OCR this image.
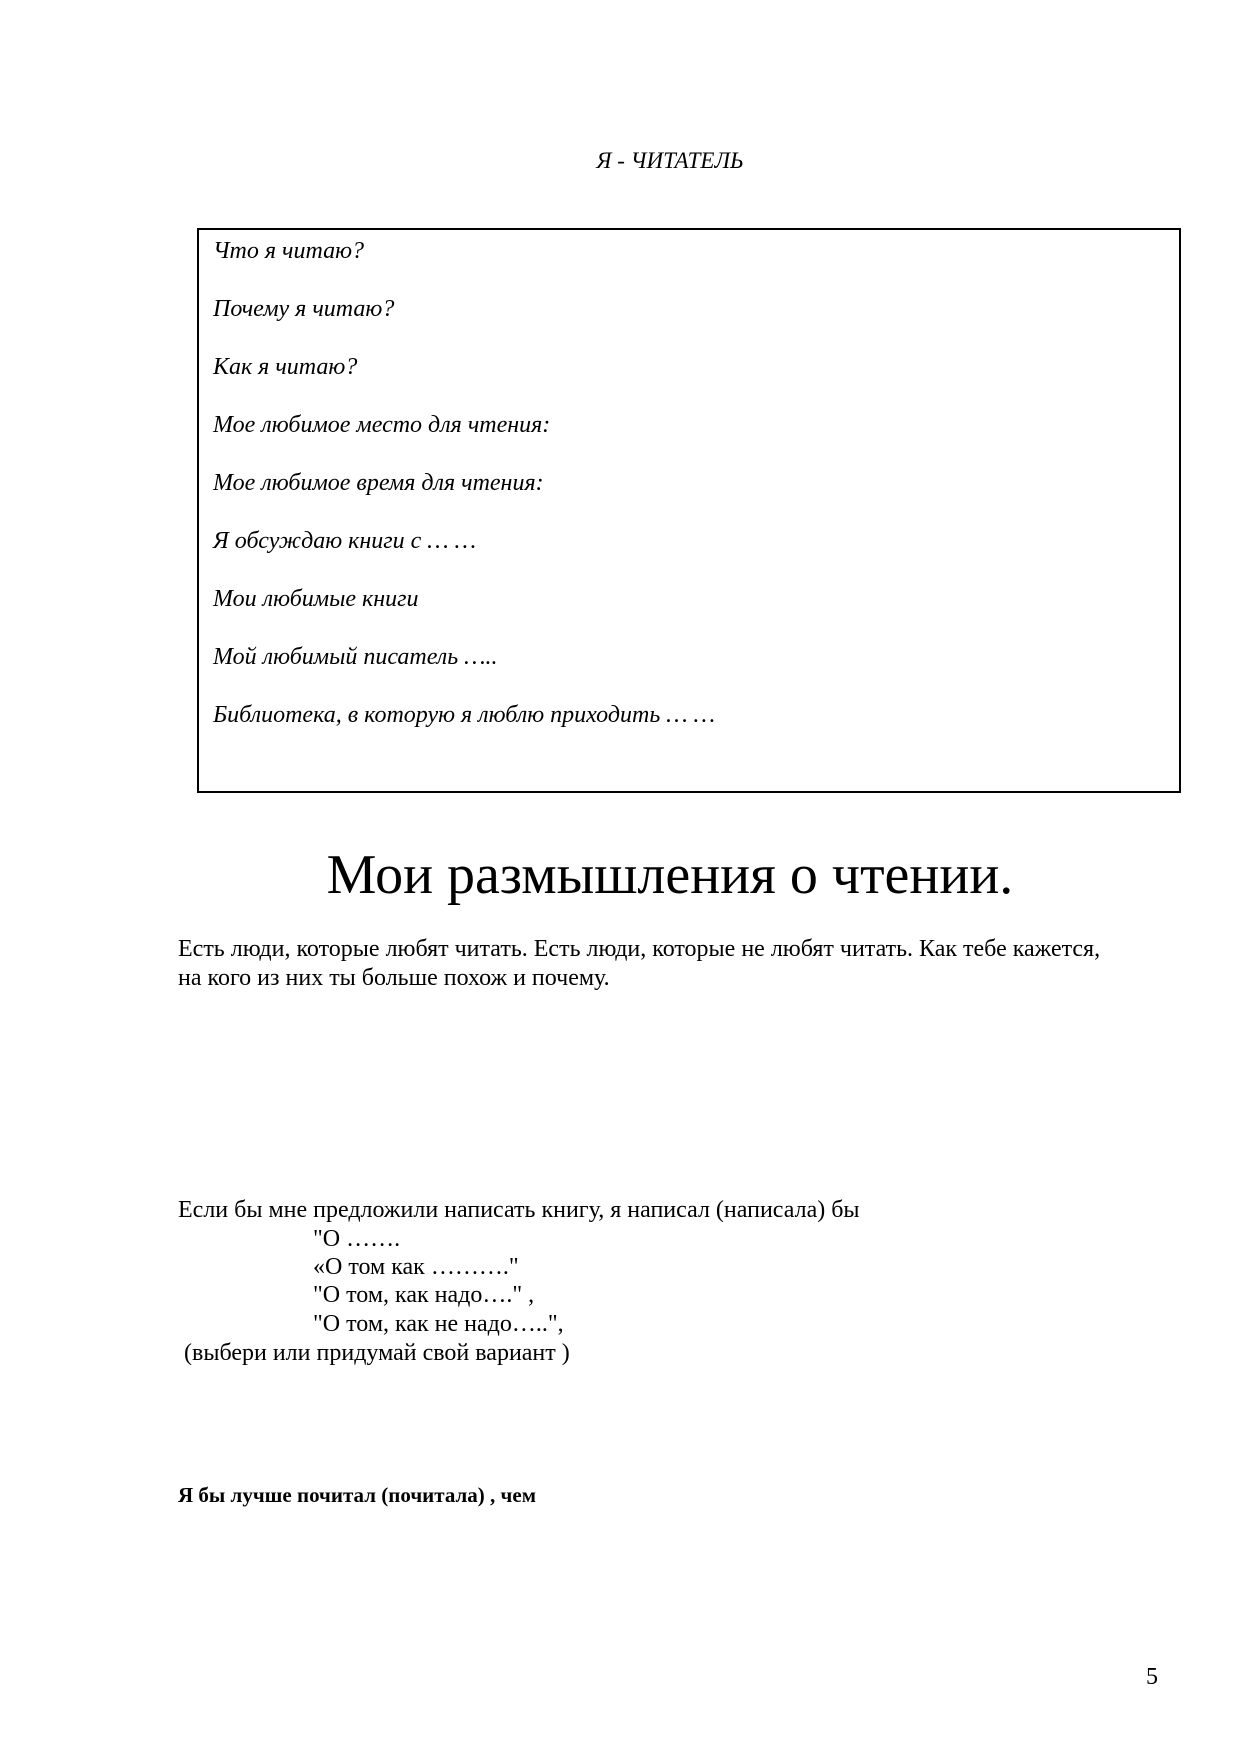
Я - ЧИТАТЕЛЬ
Что я читаю?
Почему я читаю?
Как я читаю?
Мое любимое место для чтения:
Мое любимое время для чтения:
Я обсуждаю книги с … …
Мои любимые книги
Мой любимый писатель …..
Библиотека, в которую я люблю приходить … …
Мои размышления о чтении.
Есть люди, которые любят читать. Есть люди, которые не любят читать. Как тебе кажется,
на кого из них ты больше похож и почему.
Если бы мне предложили написать книгу, я написал (написала) бы
"О …….
«О том как ………."
"О том, как надо…." ,
"О том, как не надо…..",
(выбери или придумай свой вариант )
Я бы лучше почитал (почитала) , чем
5
